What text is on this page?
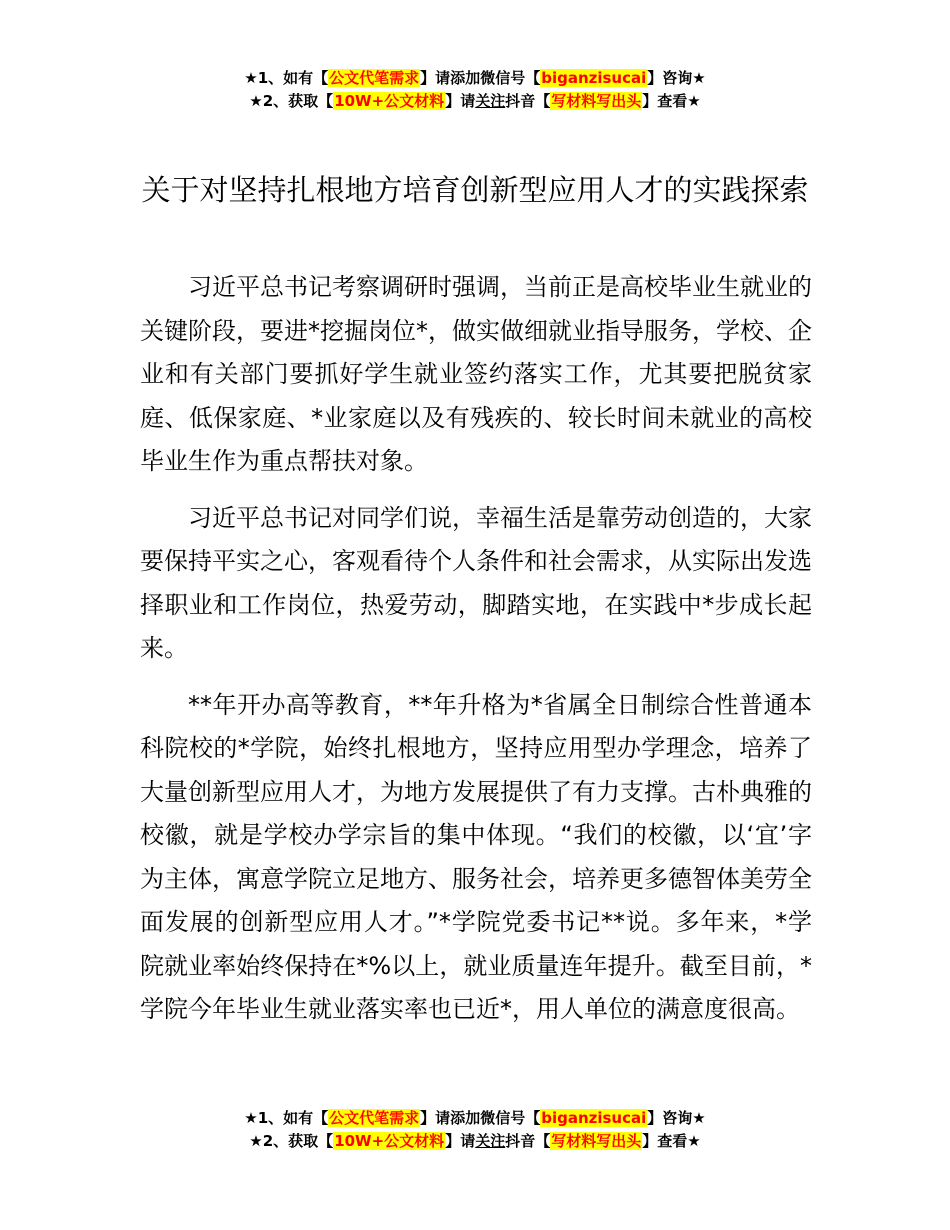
★1、如有【公文代笔需求】请添加微信号【biganzisucai】咨询★
★2、获取【10W+公文材料】请关注抖音【写材料写出头】查看★
关于对坚持扎根地方培育创新型应用人才的实践探索

习近平总书记考察调研时强调，当前正是高校毕业生就业的关键阶段，要进*挖掘岗位*，做实做细就业指导服务，学校、企业和有关部门要抓好学生就业签约落实工作，尤其要把脱贫家庭、低保家庭、*业家庭以及有残疾的、较长时间未就业的高校毕业生作为重点帮扶对象。

习近平总书记对同学们说，幸福生活是靠劳动创造的，大家要保持平实之心，客观看待个人条件和社会需求，从实际出发选择职业和工作岗位，热爱劳动，脚踏实地，在实践中*步成长起来。

**年开办高等教育，**年升格为*省属全日制综合性普通本科院校的*学院，始终扎根地方，坚持应用型办学理念，培养了大量创新型应用人才，为地方发展提供了有力支撑。古朴典雅的校徽，就是学校办学宗旨的集中体现。“我们的校徽，以‘宜’字为主体，寓意学院立足地方、服务社会，培养更多德智体美劳全面发展的创新型应用人才。”*学院党委书记**说。多年来，*学院就业率始终保持在*%以上，就业质量连年提升。截至目前，*学院今年毕业生就业落实率也已近*，用人单位的满意度很高。

★1、如有【公文代笔需求】请添加微信号【biganzisucai】咨询★
★2、获取【10W+公文材料】请关注抖音【写材料写出头】查看★
